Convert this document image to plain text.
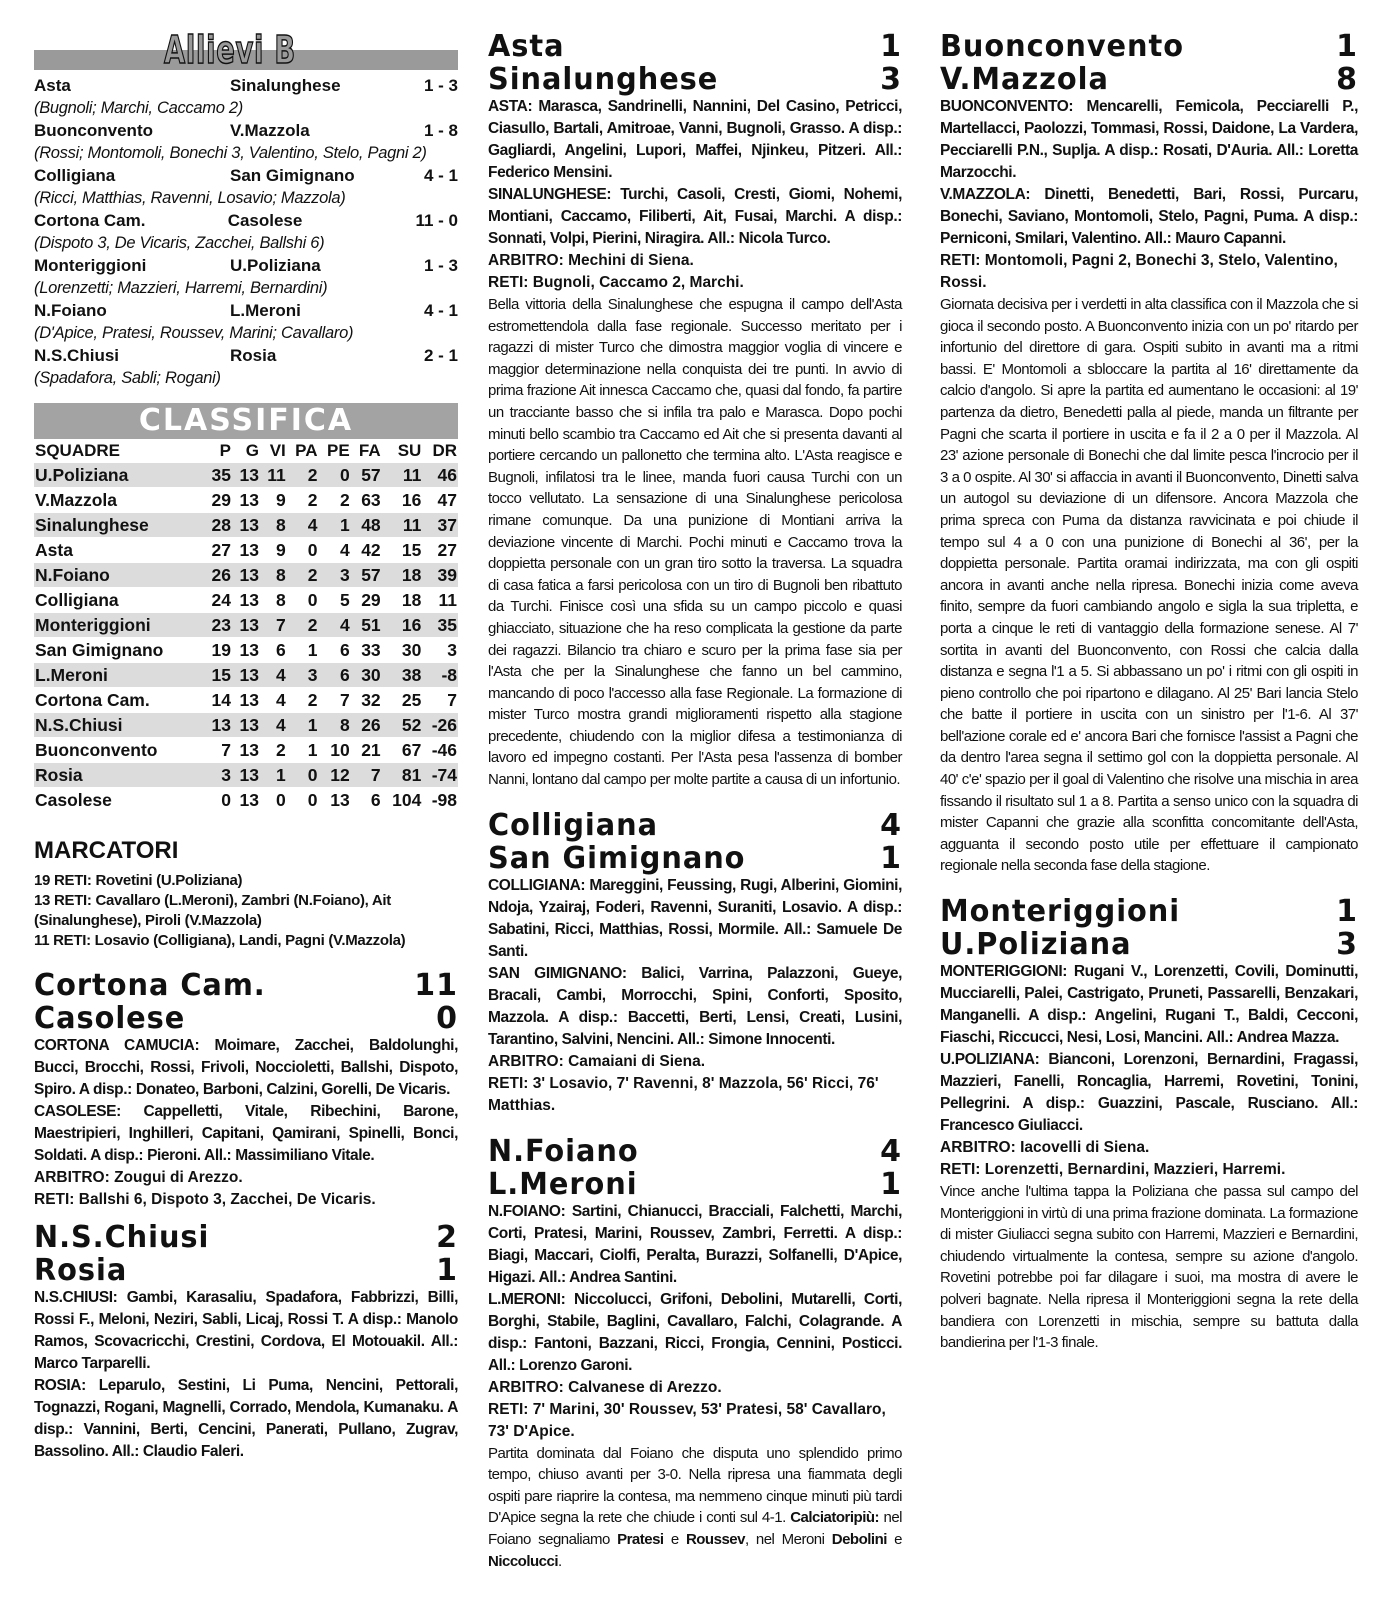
Allievi B
Asta	Sinalunghese	1 - 3
(Bugnoli; Marchi, Caccamo 2)
Buonconvento	V.Mazzola	1 - 8
(Rossi; Montomoli, Bonechi 3, Valentino, Stelo, Pagni 2)
Colligiana	San Gimignano	4 - 1
(Ricci, Matthias, Ravenni, Losavio; Mazzola)
Cortona Cam.	Casolese	11 - 0
(Dispoto 3, De Vicaris, Zacchei, Ballshi 6)
Monteriggioni	U.Poliziana	1 - 3
(Lorenzetti; Mazzieri, Harremi, Bernardini)
N.Foiano	L.Meroni	4 - 1
(D'Apice, Pratesi, Roussev, Marini; Cavallaro)
N.S.Chiusi	Rosia	2 - 1
(Spadafora, Sabli; Rogani)
CLASSIFICA
SQUADRE	P	G	VI	PA	PE	FA	SU	DR
U.Poliziana	35	13	11	2	0	57	11	46
V.Mazzola	29	13	9	2	2	63	16	47
Sinalunghese	28	13	8	4	1	48	11	37
Asta	27	13	9	0	4	42	15	27
N.Foiano	26	13	8	2	3	57	18	39
Colligiana	24	13	8	0	5	29	18	11
Monteriggioni	23	13	7	2	4	51	16	35
San Gimignano	19	13	6	1	6	33	30	3
L.Meroni	15	13	4	3	6	30	38	-8
Cortona Cam.	14	13	4	2	7	32	25	7
N.S.Chiusi	13	13	4	1	8	26	52	-26
Buonconvento	7	13	2	1	10	21	67	-46
Rosia	3	13	1	0	12	7	81	-74
Casolese	0	13	0	0	13	6	104	-98
MARCATORI
19 RETI: Rovetini (U.Poliziana)
13 RETI: Cavallaro (L.Meroni), Zambri (N.Foiano), Ait (Sinalunghese), Piroli (V.Mazzola)
11 RETI: Losavio (Colligiana), Landi, Pagni (V.Mazzola)
Cortona Cam.	11
Casolese	0
CORTONA CAMUCIA: Moimare, Zacchei, Baldolunghi, Bucci, Brocchi, Rossi, Frivoli, Noccioletti, Ballshi, Dispoto, Spiro. A disp.: Donateo, Barboni, Calzini, Gorelli, De Vicaris.
CASOLESE: Cappelletti, Vitale, Ribechini, Barone, Maestripieri, Inghilleri, Capitani, Qamirani, Spinelli, Bonci, Soldati. A disp.: Pieroni. All.: Massimiliano Vitale.
ARBITRO: Zougui di Arezzo.
RETI: Ballshi 6, Dispoto 3, Zacchei, De Vicaris.
N.S.Chiusi	2
Rosia	1
N.S.CHIUSI: Gambi, Karasaliu, Spadafora, Fabbrizzi, Billi, Rossi F., Meloni, Neziri, Sabli, Licaj, Rossi T. A disp.: Manolo Ramos, Scovacricchi, Crestini, Cordova, El Motouakil. All.: Marco Tarparelli.
ROSIA: Leparulo, Sestini, Li Puma, Nencini, Pettorali, Tognazzi, Rogani, Magnelli, Corrado, Mendola, Kumanaku. A disp.: Vannini, Berti, Cencini, Panerati, Pullano, Zugrav, Bassolino. All.: Claudio Faleri.
Asta	1
Sinalunghese	3
ASTA: Marasca, Sandrinelli, Nannini, Del Casino, Petricci, Ciasullo, Bartali, Amitroae, Vanni, Bugnoli, Grasso. A disp.: Gagliardi, Angelini, Lupori, Maffei, Njinkeu, Pitzeri. All.: Federico Mensini.
SINALUNGHESE: Turchi, Casoli, Cresti, Giomi, Nohemi, Montiani, Caccamo, Filiberti, Ait, Fusai, Marchi. A disp.: Sonnati, Volpi, Pierini, Niragira. All.: Nicola Turco.
ARBITRO: Mechini di Siena.
RETI: Bugnoli, Caccamo 2, Marchi.
Bella vittoria della Sinalunghese che espugna il campo dell'Asta estromettendola dalla fase regionale. Successo meritato per i ragazzi di mister Turco che dimostra maggior voglia di vincere e maggior determinazione nella conquista dei tre punti. In avvio di prima frazione Ait innesca Caccamo che, quasi dal fondo, fa partire un tracciante basso che si infila tra palo e Marasca. Dopo pochi minuti bello scambio tra Caccamo ed Ait che si presenta davanti al portiere cercando un pallonetto che termina alto. L'Asta reagisce e Bugnoli, infilatosi tra le linee, manda fuori causa Turchi con un tocco vellutato. La sensazione di una Sinalunghese pericolosa rimane comunque. Da una punizione di Montiani arriva la deviazione vincente di Marchi. Pochi minuti e Caccamo trova la doppietta personale con un gran tiro sotto la traversa. La squadra di casa fatica a farsi pericolosa con un tiro di Bugnoli ben ribattuto da Turchi. Finisce così una sfida su un campo piccolo e quasi ghiacciato, situazione che ha reso complicata la gestione da parte dei ragazzi. Bilancio tra chiaro e scuro per la prima fase sia per l'Asta che per la Sinalunghese che fanno un bel cammino, mancando di poco l'accesso alla fase Regionale. La formazione di mister Turco mostra grandi miglioramenti rispetto alla stagione precedente, chiudendo con la miglior difesa a testimonianza di lavoro ed impegno costanti. Per l'Asta pesa l'assenza di bomber Nanni, lontano dal campo per molte partite a causa di un infortunio.
Colligiana	4
San Gimignano	1
COLLIGIANA: Mareggini, Feussing, Rugi, Alberini, Giomini, Ndoja, Yzairaj, Foderi, Ravenni, Suraniti, Losavio. A disp.: Sabatini, Ricci, Matthias, Rossi, Mormile. All.: Samuele De Santi.
SAN GIMIGNANO: Balici, Varrina, Palazzoni, Gueye, Bracali, Cambi, Morrocchi, Spini, Conforti, Sposito, Mazzola. A disp.: Baccetti, Berti, Lensi, Creati, Lusini, Tarantino, Salvini, Nencini. All.: Simone Innocenti.
ARBITRO: Camaiani di Siena.
RETI: 3' Losavio, 7' Ravenni, 8' Mazzola, 56' Ricci, 76' Matthias.
N.Foiano	4
L.Meroni	1
N.FOIANO: Sartini, Chianucci, Bracciali, Falchetti, Marchi, Corti, Pratesi, Marini, Roussev, Zambri, Ferretti. A disp.: Biagi, Maccari, Ciolfi, Peralta, Burazzi, Solfanelli, D'Apice, Higazi. All.: Andrea Santini.
L.MERONI: Niccolucci, Grifoni, Debolini, Mutarelli, Corti, Borghi, Stabile, Baglini, Cavallaro, Falchi, Colagrande. A disp.: Fantoni, Bazzani, Ricci, Frongia, Cennini, Posticci. All.: Lorenzo Garoni.
ARBITRO: Calvanese di Arezzo.
RETI: 7' Marini, 30' Roussev, 53' Pratesi, 58' Cavallaro, 73' D'Apice.
Partita dominata dal Foiano che disputa uno splendido primo tempo, chiuso avanti per 3-0. Nella ripresa una fiammata degli ospiti pare riaprire la contesa, ma nemmeno cinque minuti più tardi D'Apice segna la rete che chiude i conti sul 4-1. Calciatoripiù: nel Foiano segnaliamo Pratesi e Roussev, nel Meroni Debolini e Niccolucci.
Buonconvento	1
V.Mazzola	8
BUONCONVENTO: Mencarelli, Femicola, Pecciarelli P., Martellacci, Paolozzi, Tommasi, Rossi, Daidone, La Vardera, Pecciarelli P.N., Suplja. A disp.: Rosati, D'Auria. All.: Loretta Marzocchi.
V.MAZZOLA: Dinetti, Benedetti, Bari, Rossi, Purcaru, Bonechi, Saviano, Montomoli, Stelo, Pagni, Puma. A disp.: Perniconi, Smilari, Valentino. All.: Mauro Capanni.
RETI: Montomoli, Pagni 2, Bonechi 3, Stelo, Valentino, Rossi.
Giornata decisiva per i verdetti in alta classifica con il Mazzola che si gioca il secondo posto. A Buonconvento inizia con un po' ritardo per infortunio del direttore di gara. Ospiti subito in avanti ma a ritmi bassi. E' Montomoli a sbloccare la partita al 16' direttamente da calcio d'angolo. Si apre la partita ed aumentano le occasioni: al 19' partenza da dietro, Benedetti palla al piede, manda un filtrante per Pagni che scarta il portiere in uscita e fa il 2 a 0 per il Mazzola. Al 23' azione personale di Bonechi che dal limite pesca l'incrocio per il 3 a 0 ospite. Al 30' si affaccia in avanti il Buonconvento, Dinetti salva un autogol su deviazione di un difensore. Ancora Mazzola che prima spreca con Puma da distanza ravvicinata e poi chiude il tempo sul 4 a 0 con una punizione di Bonechi al 36', per la doppietta personale. Partita oramai indirizzata, ma con gli ospiti ancora in avanti anche nella ripresa. Bonechi inizia come aveva finito, sempre da fuori cambiando angolo e sigla la sua tripletta, e porta a cinque le reti di vantaggio della formazione senese. Al 7' sortita in avanti del Buonconvento, con Rossi che calcia dalla distanza e segna l'1 a 5. Si abbassano un po' i ritmi con gli ospiti in pieno controllo che poi ripartono e dilagano. Al 25' Bari lancia Stelo che batte il portiere in uscita con un sinistro per l'1-6. Al 37' bell'azione corale ed e' ancora Bari che fornisce l'assist a Pagni che da dentro l'area segna il settimo gol con la doppietta personale. Al 40' c'e' spazio per il goal di Valentino che risolve una mischia in area fissando il risultato sul 1 a 8. Partita a senso unico con la squadra di mister Capanni che grazie alla sconfitta concomitante dell'Asta, agguanta il secondo posto utile per effettuare il campionato regionale nella seconda fase della stagione.
Monteriggioni	1
U.Poliziana	3
MONTERIGGIONI: Rugani V., Lorenzetti, Covili, Dominutti, Mucciarelli, Palei, Castrigato, Pruneti, Passarelli, Benzakari, Manganelli. A disp.: Angelini, Rugani T., Baldi, Cecconi, Fiaschi, Riccucci, Nesi, Losi, Mancini. All.: Andrea Mazza.
U.POLIZIANA: Bianconi, Lorenzoni, Bernardini, Fragassi, Mazzieri, Fanelli, Roncaglia, Harremi, Rovetini, Tonini, Pellegrini. A disp.: Guazzini, Pascale, Rusciano. All.: Francesco Giuliacci.
ARBITRO: Iacovelli di Siena.
RETI: Lorenzetti, Bernardini, Mazzieri, Harremi.
Vince anche l'ultima tappa la Poliziana che passa sul campo del Monteriggioni in virtù di una prima frazione dominata. La formazione di mister Giuliacci segna subito con Harremi, Mazzieri e Bernardini, chiudendo virtualmente la contesa, sempre su azione d'angolo. Rovetini potrebbe poi far dilagare i suoi, ma mostra di avere le polveri bagnate. Nella ripresa il Monteriggioni segna la rete della bandiera con Lorenzetti in mischia, sempre su battuta dalla bandierina per l'1-3 finale.
